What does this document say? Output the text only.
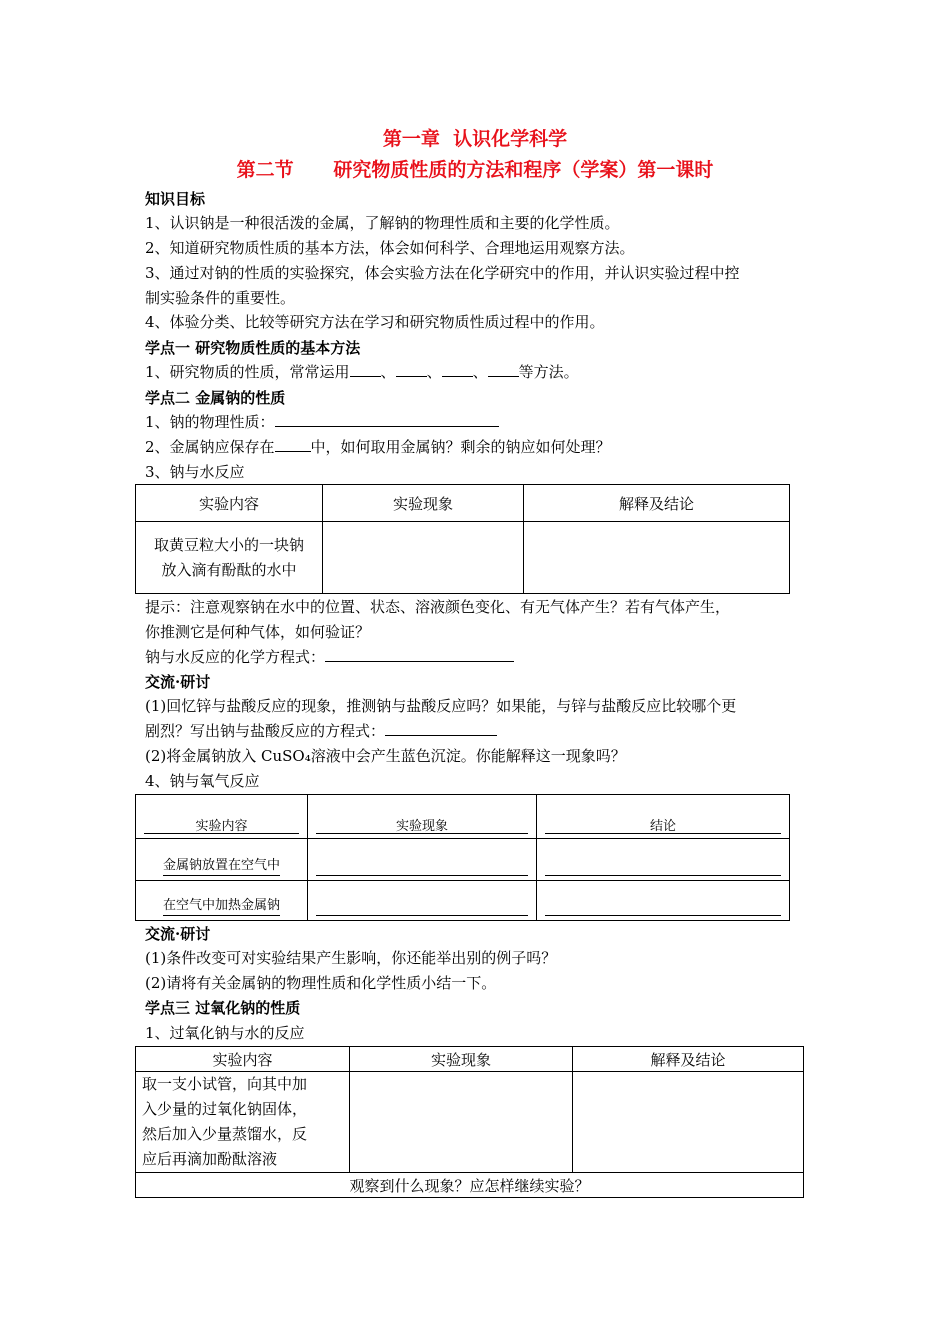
第一章  认识化学科学
第二节      研究物质性质的方法和程序（学案）第一课时
知识目标
1、认识钠是一种很活泼的金属，了解钠的物理性质和主要的化学性质。
2、知道研究物质性质的基本方法，体会如何科学、合理地运用观察方法。
3、通过对钠的性质的实验探究，体会实验方法在化学研究中的作用，并认识实验过程中控
制实验条件的重要性。
4、体验分类、比较等研究方法在学习和研究物质性质过程中的作用。
学点一 研究物质性质的基本方法
1、研究物质的性质，常常运用 、 、 、 等方法。
学点二 金属钠的性质
1、钠的物理性质：
2、金属钠应保存在 中，如何取用金属钠？剩余的钠应如何处理？
3、钠与水反应
实验内容	实验现象	解释及结论

取黄豆粒大小的一块钠
放入滴有酚酞的水中		

提示：注意观察钠在水中的位置、状态、溶液颜色变化、有无气体产生？若有气体产生，
你推测它是何种气体，如何验证？
钠与水反应的化学方程式：
交流·研讨
(1)回忆锌与盐酸反应的现象，推测钠与盐酸反应吗？如果能，与锌与盐酸反应比较哪个更
剧烈？写出钠与盐酸反应的方程式：
(2)将金属钠放入 CuSO₄溶液中会产生蓝色沉淀。你能解释这一现象吗？
4、钠与氧气反应
实验内容	实验现象	结论

金属钠放置在空气中	

在空气中加热金属钠	

交流·研讨
(1)条件改变可对实验结果产生影响，你还能举出别的例子吗？
(2)请将有关金属钠的物理性质和化学性质小结一下。
学点三 过氧化钠的性质
1、过氧化钠与水的反应
实验内容	实验现象	解释及结论

取一支小试管，向其中加
入少量的过氧化钠固体，
然后加入少量蒸馏水，反
应后再滴加酚酞溶液		

观察到什么现象？应怎样继续实验？		
